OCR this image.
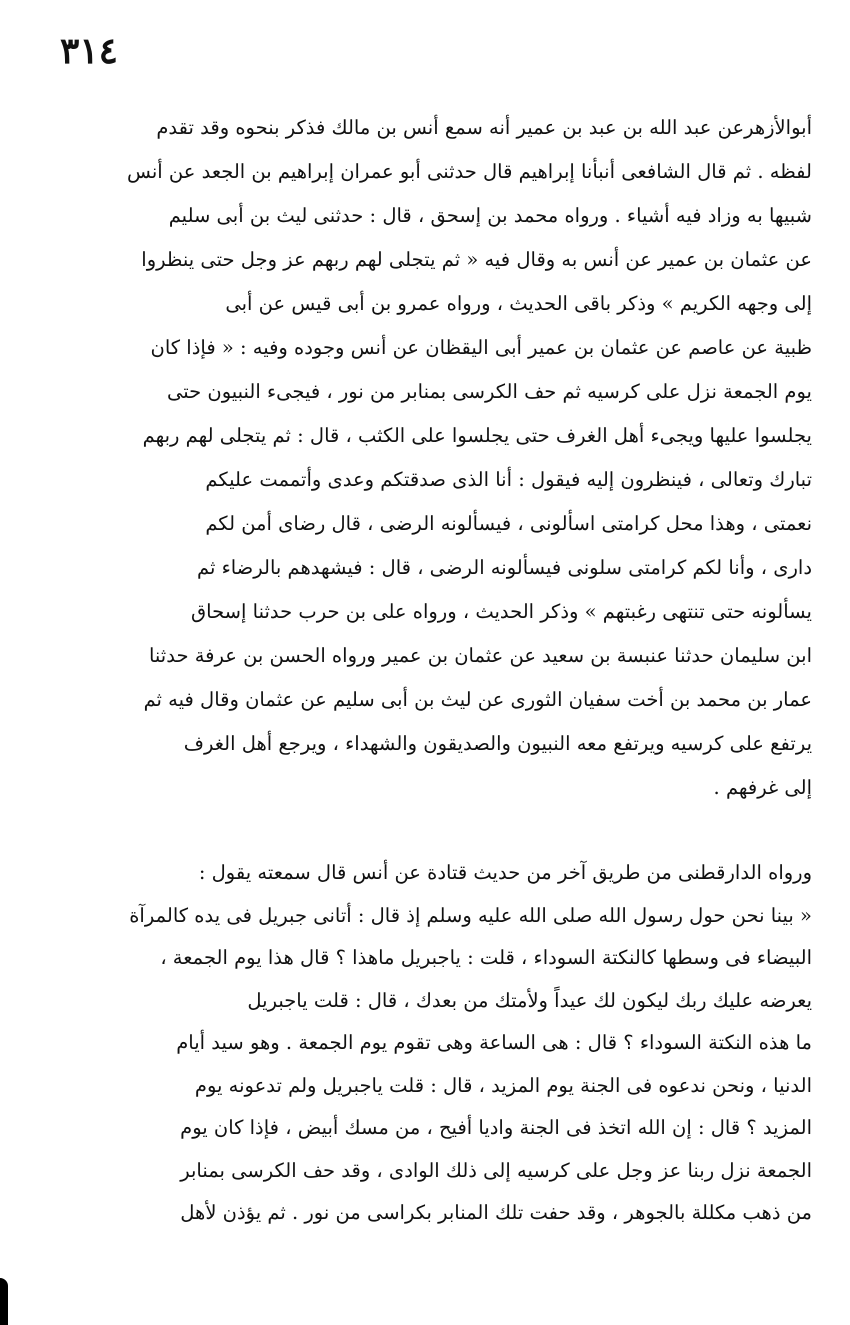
٣١٤
أبوالأزهرعن عبد الله بن عبد بن عمير أنه سمع أنس بن مالك فذكر بنحوه وقد تقدم
لفظه . ثم قال الشافعى أنبأنا إبراهيم قال حدثنى أبو عمران إبراهيم بن الجعد عن أنس
شبيها به وزاد فيه أشياء . ورواه محمد بن إسحق ، قال : حدثنى ليث بن أبى سليم
عن عثمان بن عمير عن أنس به وقال فيه « ثم يتجلى لهم ربهم عز وجل حتى ينظروا
إلى وجهه الكريم » وذكر باقى الحديث ، ورواه عمرو بن أبى قيس عن أبى
ظبية عن عاصم عن عثمان بن عمير أبى اليقظان عن أنس وجوده وفيه : « فإذا كان
يوم الجمعة نزل على كرسيه ثم حف الكرسى بمنابر من نور ، فيجىء النبيون حتى
يجلسوا عليها ويجىء أهل الغرف حتى يجلسوا على الكثب ، قال : ثم يتجلى لهم ربهم
تبارك وتعالى ، فينظرون إليه فيقول : أنا الذى صدقتكم وعدى وأتممت عليكم
نعمتى ، وهذا محل كرامتى اسألونى ، فيسألونه الرضى ، قال رضاى أمن لكم
دارى ، وأنا لكم كرامتى سلونى فيسألونه الرضى ، قال : فيشهدهم بالرضاء ثم
يسألونه حتى تنتهى رغبتهم » وذكر الحديث ، ورواه على بن حرب حدثنا إسحاق
ابن سليمان حدثنا عنبسة بن سعيد عن عثمان بن عمير ورواه الحسن بن عرفة حدثنا
عمار بن محمد بن أخت سفيان الثورى عن ليث بن أبى سليم عن عثمان وقال فيه ثم
يرتفع على كرسيه ويرتفع معه النبيون والصديقون والشهداء ، ويرجع أهل الغرف
إلى غرفهم .
ورواه الدارقطنى من طريق آخر من حديث قتادة عن أنس قال سمعته يقول :
« بينا نحن حول رسول الله صلى الله عليه وسلم إذ قال : أتانى جبريل فى يده كالمرآة
البيضاء فى وسطها كالنكتة السوداء ، قلت : ياجبريل ماهذا ؟ قال هذا يوم الجمعة ،
يعرضه عليك ربك ليكون لك عيداً ولأمتك من بعدك ، قال : قلت ياجبريل
ما هذه النكتة السوداء ؟ قال : هى الساعة وهى تقوم يوم الجمعة . وهو سيد أيام
الدنيا ، ونحن ندعوه فى الجنة يوم المزيد ، قال : قلت ياجبريل ولم تدعونه يوم
المزيد ؟ قال : إن الله اتخذ فى الجنة واديا أفيح ، من مسك أبيض ، فإذا كان يوم
الجمعة نزل ربنا عز وجل على كرسيه إلى ذلك الوادى ، وقد حف الكرسى بمنابر
من ذهب مكللة بالجوهر ، وقد حفت تلك المنابر بكراسى من نور . ثم يؤذن لأهل
